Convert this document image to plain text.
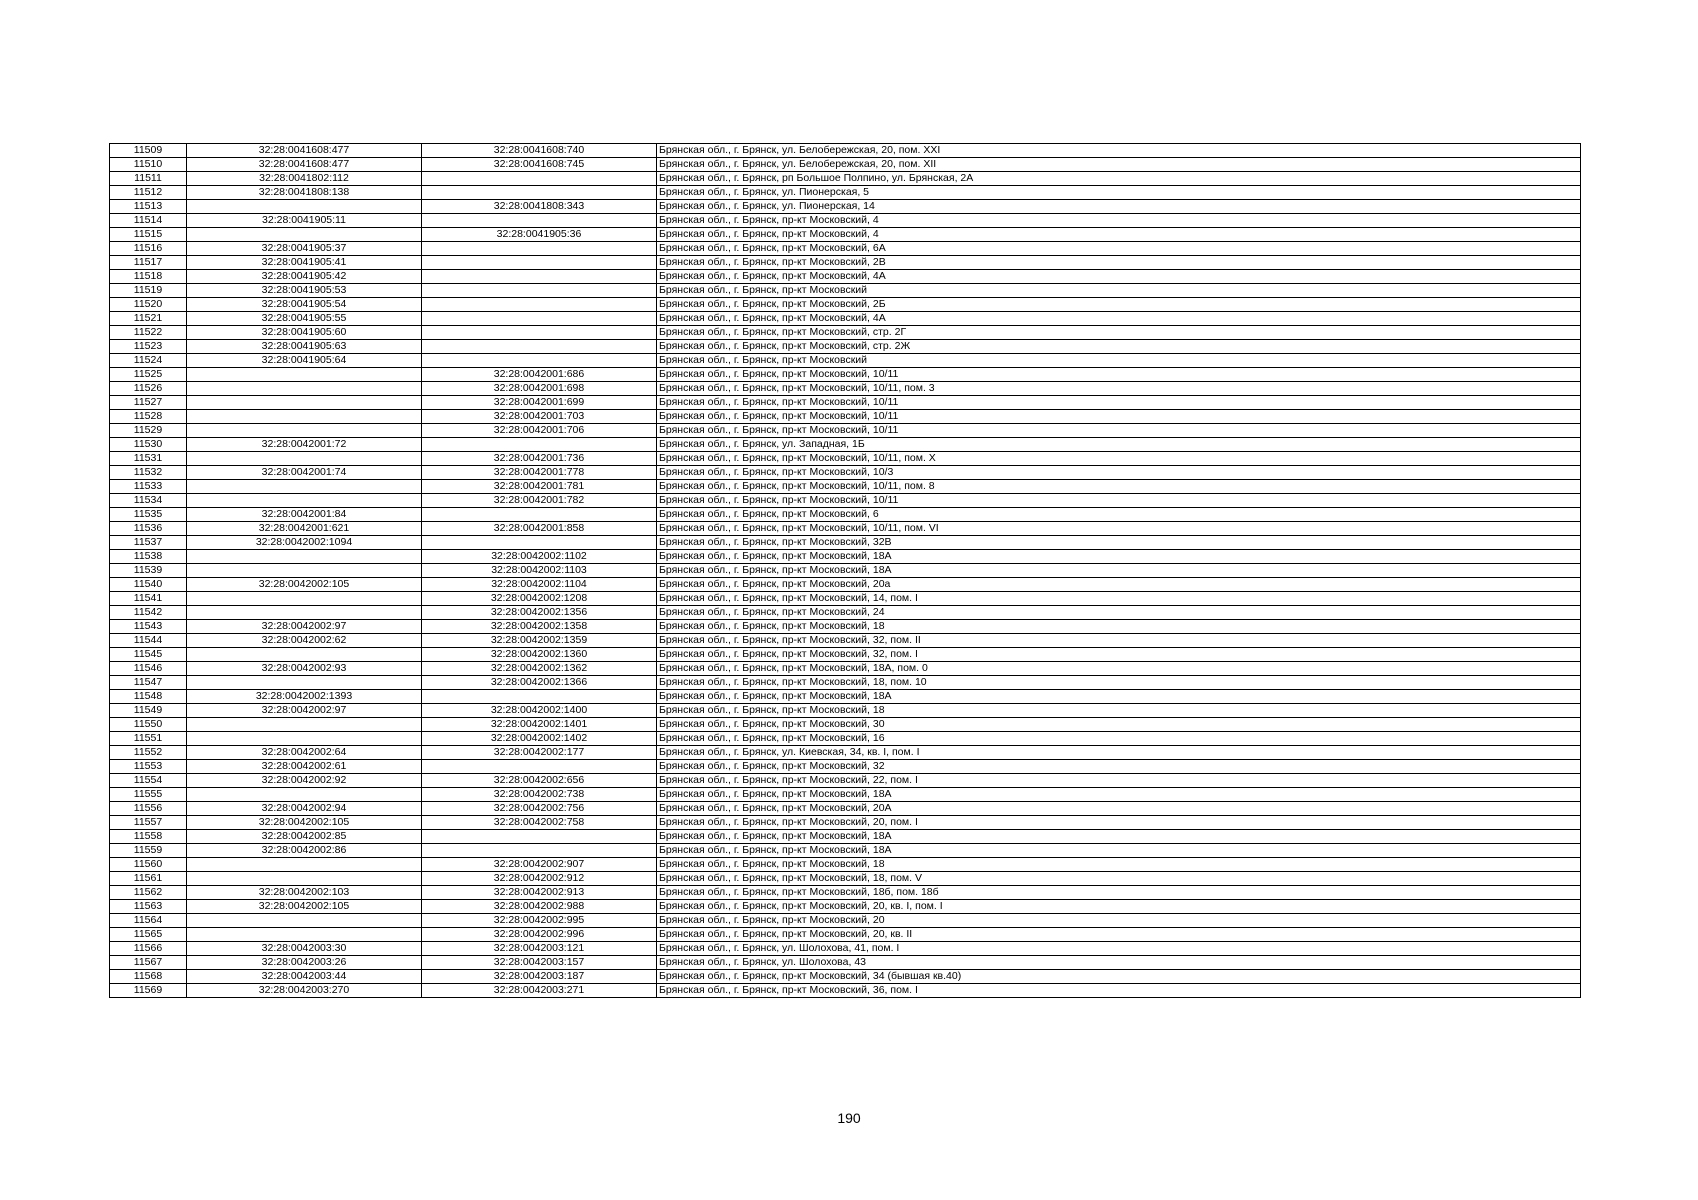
11509	32:28:0041608:477	32:28:0041608:740	Брянская обл., г. Брянск, ул. Белобережская, 20, пом. XXI
11510	32:28:0041608:477	32:28:0041608:745	Брянская обл., г. Брянск, ул. Белобережская, 20, пом. XII
11511	32:28:0041802:112		Брянская обл., г. Брянск, рп Большое Полпино, ул. Брянская, 2А
11512	32:28:0041808:138		Брянская обл., г. Брянск, ул. Пионерская, 5
11513		32:28:0041808:343	Брянская обл., г. Брянск, ул. Пионерская, 14
11514	32:28:0041905:11		Брянская обл., г. Брянск, пр-кт Московский, 4
11515		32:28:0041905:36	Брянская обл., г. Брянск, пр-кт Московский, 4
11516	32:28:0041905:37		Брянская обл., г. Брянск, пр-кт Московский, 6А
11517	32:28:0041905:41		Брянская обл., г. Брянск, пр-кт Московский, 2В
11518	32:28:0041905:42		Брянская обл., г. Брянск, пр-кт Московский, 4А
11519	32:28:0041905:53		Брянская обл., г. Брянск, пр-кт Московский
11520	32:28:0041905:54		Брянская обл., г. Брянск, пр-кт Московский, 2Б
11521	32:28:0041905:55		Брянская обл., г. Брянск, пр-кт Московский, 4А
11522	32:28:0041905:60		Брянская обл., г. Брянск, пр-кт Московский, стр. 2Г
11523	32:28:0041905:63		Брянская обл., г. Брянск, пр-кт Московский, стр. 2Ж
11524	32:28:0041905:64		Брянская обл., г. Брянск, пр-кт Московский
11525		32:28:0042001:686	Брянская обл., г. Брянск, пр-кт Московский, 10/11
11526		32:28:0042001:698	Брянская обл., г. Брянск, пр-кт Московский, 10/11, пом. 3
11527		32:28:0042001:699	Брянская обл., г. Брянск, пр-кт Московский, 10/11
11528		32:28:0042001:703	Брянская обл., г. Брянск, пр-кт Московский, 10/11
11529		32:28:0042001:706	Брянская обл., г. Брянск, пр-кт Московский, 10/11
11530	32:28:0042001:72		Брянская обл., г. Брянск, ул. Западная, 1Б
11531		32:28:0042001:736	Брянская обл., г. Брянск, пр-кт Московский, 10/11, пом. X
11532	32:28:0042001:74	32:28:0042001:778	Брянская обл., г. Брянск, пр-кт Московский, 10/3
11533		32:28:0042001:781	Брянская обл., г. Брянск, пр-кт Московский, 10/11, пом. 8
11534		32:28:0042001:782	Брянская обл., г. Брянск, пр-кт Московский, 10/11
11535	32:28:0042001:84		Брянская обл., г. Брянск, пр-кт Московский, 6
11536	32:28:0042001:621	32:28:0042001:858	Брянская обл., г. Брянск, пр-кт Московский, 10/11, пом. VI
11537	32:28:0042002:1094		Брянская обл., г. Брянск, пр-кт Московский, 32В
11538		32:28:0042002:1102	Брянская обл., г. Брянск, пр-кт Московский, 18А
11539		32:28:0042002:1103	Брянская обл., г. Брянск, пр-кт Московский, 18А
11540	32:28:0042002:105	32:28:0042002:1104	Брянская обл., г. Брянск, пр-кт Московский, 20а
11541		32:28:0042002:1208	Брянская обл., г. Брянск, пр-кт Московский, 14, пом. I
11542		32:28:0042002:1356	Брянская обл., г. Брянск, пр-кт Московский, 24
11543	32:28:0042002:97	32:28:0042002:1358	Брянская обл., г. Брянск, пр-кт Московский, 18
11544	32:28:0042002:62	32:28:0042002:1359	Брянская обл., г. Брянск, пр-кт Московский, 32, пом. II
11545		32:28:0042002:1360	Брянская обл., г. Брянск, пр-кт Московский, 32, пом. I
11546	32:28:0042002:93	32:28:0042002:1362	Брянская обл., г. Брянск, пр-кт Московский, 18А, пом. 0
11547		32:28:0042002:1366	Брянская обл., г. Брянск, пр-кт Московский, 18, пом. 10
11548	32:28:0042002:1393		Брянская обл., г. Брянск, пр-кт Московский, 18А
11549	32:28:0042002:97	32:28:0042002:1400	Брянская обл., г. Брянск, пр-кт Московский, 18
11550		32:28:0042002:1401	Брянская обл., г. Брянск, пр-кт Московский, 30
11551		32:28:0042002:1402	Брянская обл., г. Брянск, пр-кт Московский, 16
11552	32:28:0042002:64	32:28:0042002:177	Брянская обл., г. Брянск, ул. Киевская, 34, кв. I, пом. I
11553	32:28:0042002:61		Брянская обл., г. Брянск, пр-кт Московский, 32
11554	32:28:0042002:92	32:28:0042002:656	Брянская обл., г. Брянск, пр-кт Московский, 22, пом. I
11555		32:28:0042002:738	Брянская обл., г. Брянск, пр-кт Московский, 18А
11556	32:28:0042002:94	32:28:0042002:756	Брянская обл., г. Брянск, пр-кт Московский, 20А
11557	32:28:0042002:105	32:28:0042002:758	Брянская обл., г. Брянск, пр-кт Московский, 20, пом. I
11558	32:28:0042002:85		Брянская обл., г. Брянск, пр-кт Московский, 18А
11559	32:28:0042002:86		Брянская обл., г. Брянск, пр-кт Московский, 18А
11560		32:28:0042002:907	Брянская обл., г. Брянск, пр-кт Московский, 18
11561		32:28:0042002:912	Брянская обл., г. Брянск, пр-кт Московский, 18, пом. V
11562	32:28:0042002:103	32:28:0042002:913	Брянская обл., г. Брянск, пр-кт Московский, 18б, пом. 18б
11563	32:28:0042002:105	32:28:0042002:988	Брянская обл., г. Брянск, пр-кт Московский, 20, кв. I, пом. I
11564		32:28:0042002:995	Брянская обл., г. Брянск, пр-кт Московский, 20
11565		32:28:0042002:996	Брянская обл., г. Брянск, пр-кт Московский, 20, кв. II
11566	32:28:0042003:30	32:28:0042003:121	Брянская обл., г. Брянск, ул. Шолохова, 41, пом. I
11567	32:28:0042003:26	32:28:0042003:157	Брянская обл., г. Брянск, ул. Шолохова, 43
11568	32:28:0042003:44	32:28:0042003:187	Брянская обл., г. Брянск, пр-кт Московский, 34 (бывшая кв.40)
11569	32:28:0042003:270	32:28:0042003:271	Брянская обл., г. Брянск, пр-кт Московский, 36, пом. I
190
